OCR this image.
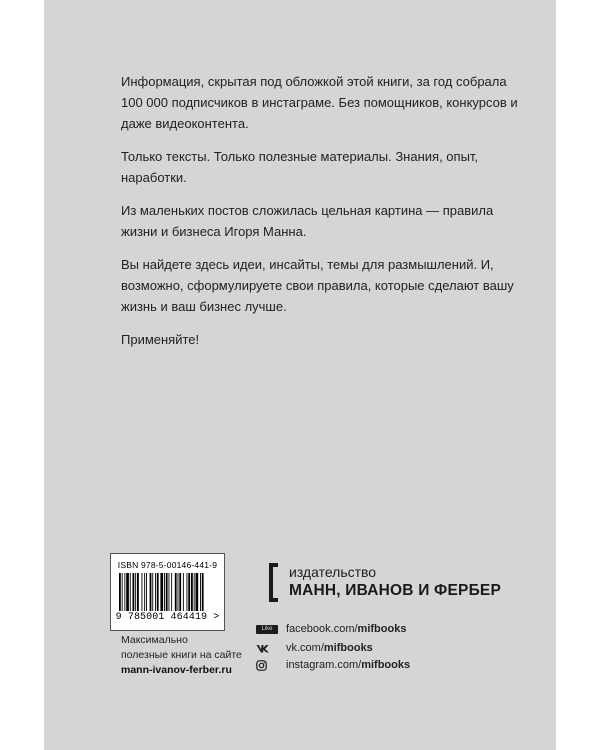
Информация, скрытая под обложкой этой книги, за год собрала 100 000 подписчиков в инстаграме. Без помощников, конкурсов и даже видеоконтента.

Только тексты. Только полезные материалы. Знания, опыт, наработки.

Из маленьких постов сложилась цельная картина — правила жизни и бизнеса Игоря Манна.

Вы найдете здесь идеи, инсайты, темы для размышлений. И, возможно, сформулируете свои правила, которые сделают вашу жизнь и ваш бизнес лучше.

Применяйте!

ISBN 978-5-00146-441-9
9 785001 464419 >
Максимально
полезные книги на сайте
mann-ivanov-ferber.ru
издательство
МАНН, ИВАНОВ И ФЕРБЕР
Like	facebook.com/ mifbooks
vk.com/ mifbooks
instagram.com/ mifbooks
